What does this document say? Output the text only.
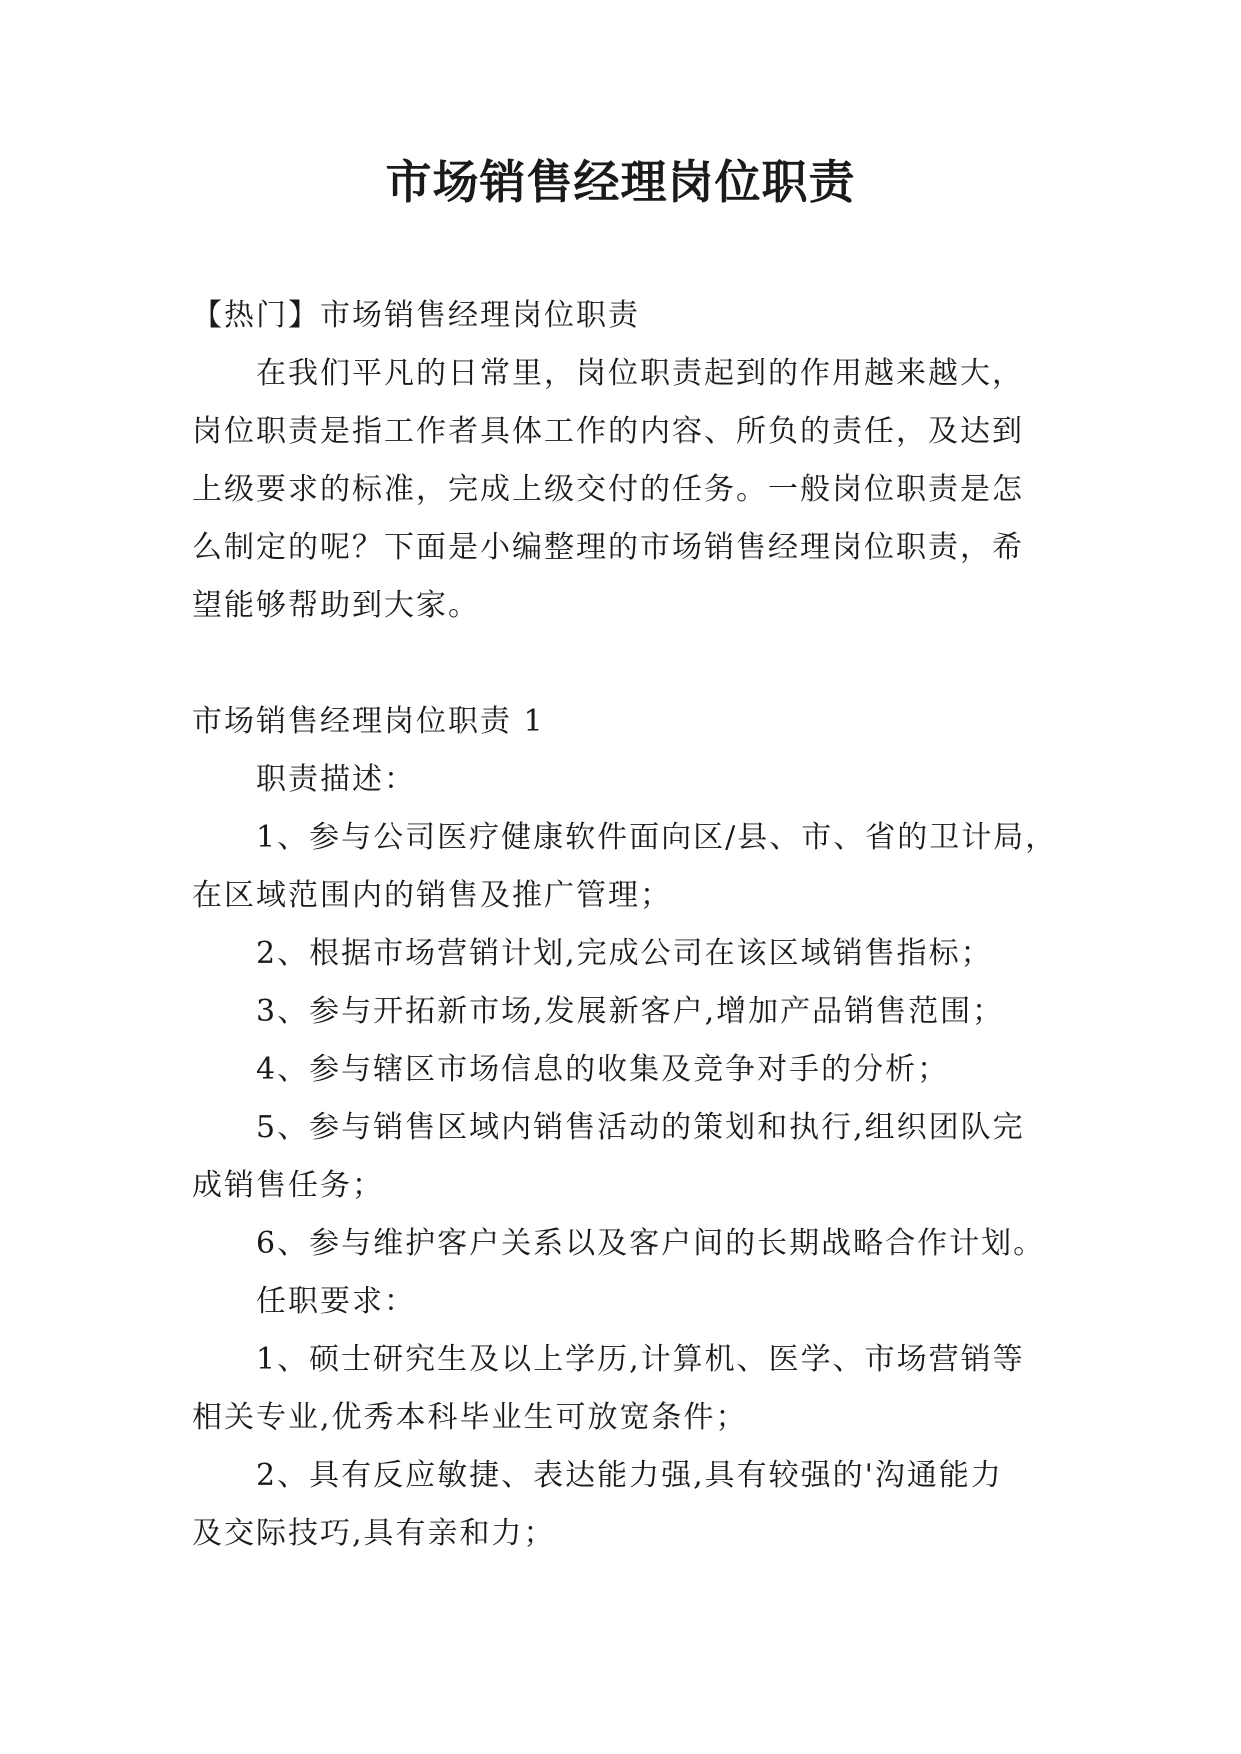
市场销售经理岗位职责

【热门】市场销售经理岗位职责

在我们平凡的日常里，岗位职责起到的作用越来越大，

岗位职责是指工作者具体工作的内容、所负的责任，及达到

上级要求的标准，完成上级交付的任务。一般岗位职责是怎

么制定的呢？下面是小编整理的市场销售经理岗位职责，希

望能够帮助到大家。

市场销售经理岗位职责 1

职责描述：

1、参与公司医疗健康软件面向区/县、市、省的卫计局，

在区域范围内的销售及推广管理；

2、根据市场营销计划,完成公司在该区域销售指标；

3、参与开拓新市场,发展新客户,增加产品销售范围；

4、参与辖区市场信息的收集及竞争对手的分析；

5、参与销售区域内销售活动的策划和执行,组织团队完

成销售任务；

6、参与维护客户关系以及客户间的长期战略合作计划。

任职要求：

1、硕士研究生及以上学历,计算机、医学、市场营销等

相关专业,优秀本科毕业生可放宽条件；

2、具有反应敏捷、表达能力强,具有较强的'沟通能力

及交际技巧,具有亲和力；
